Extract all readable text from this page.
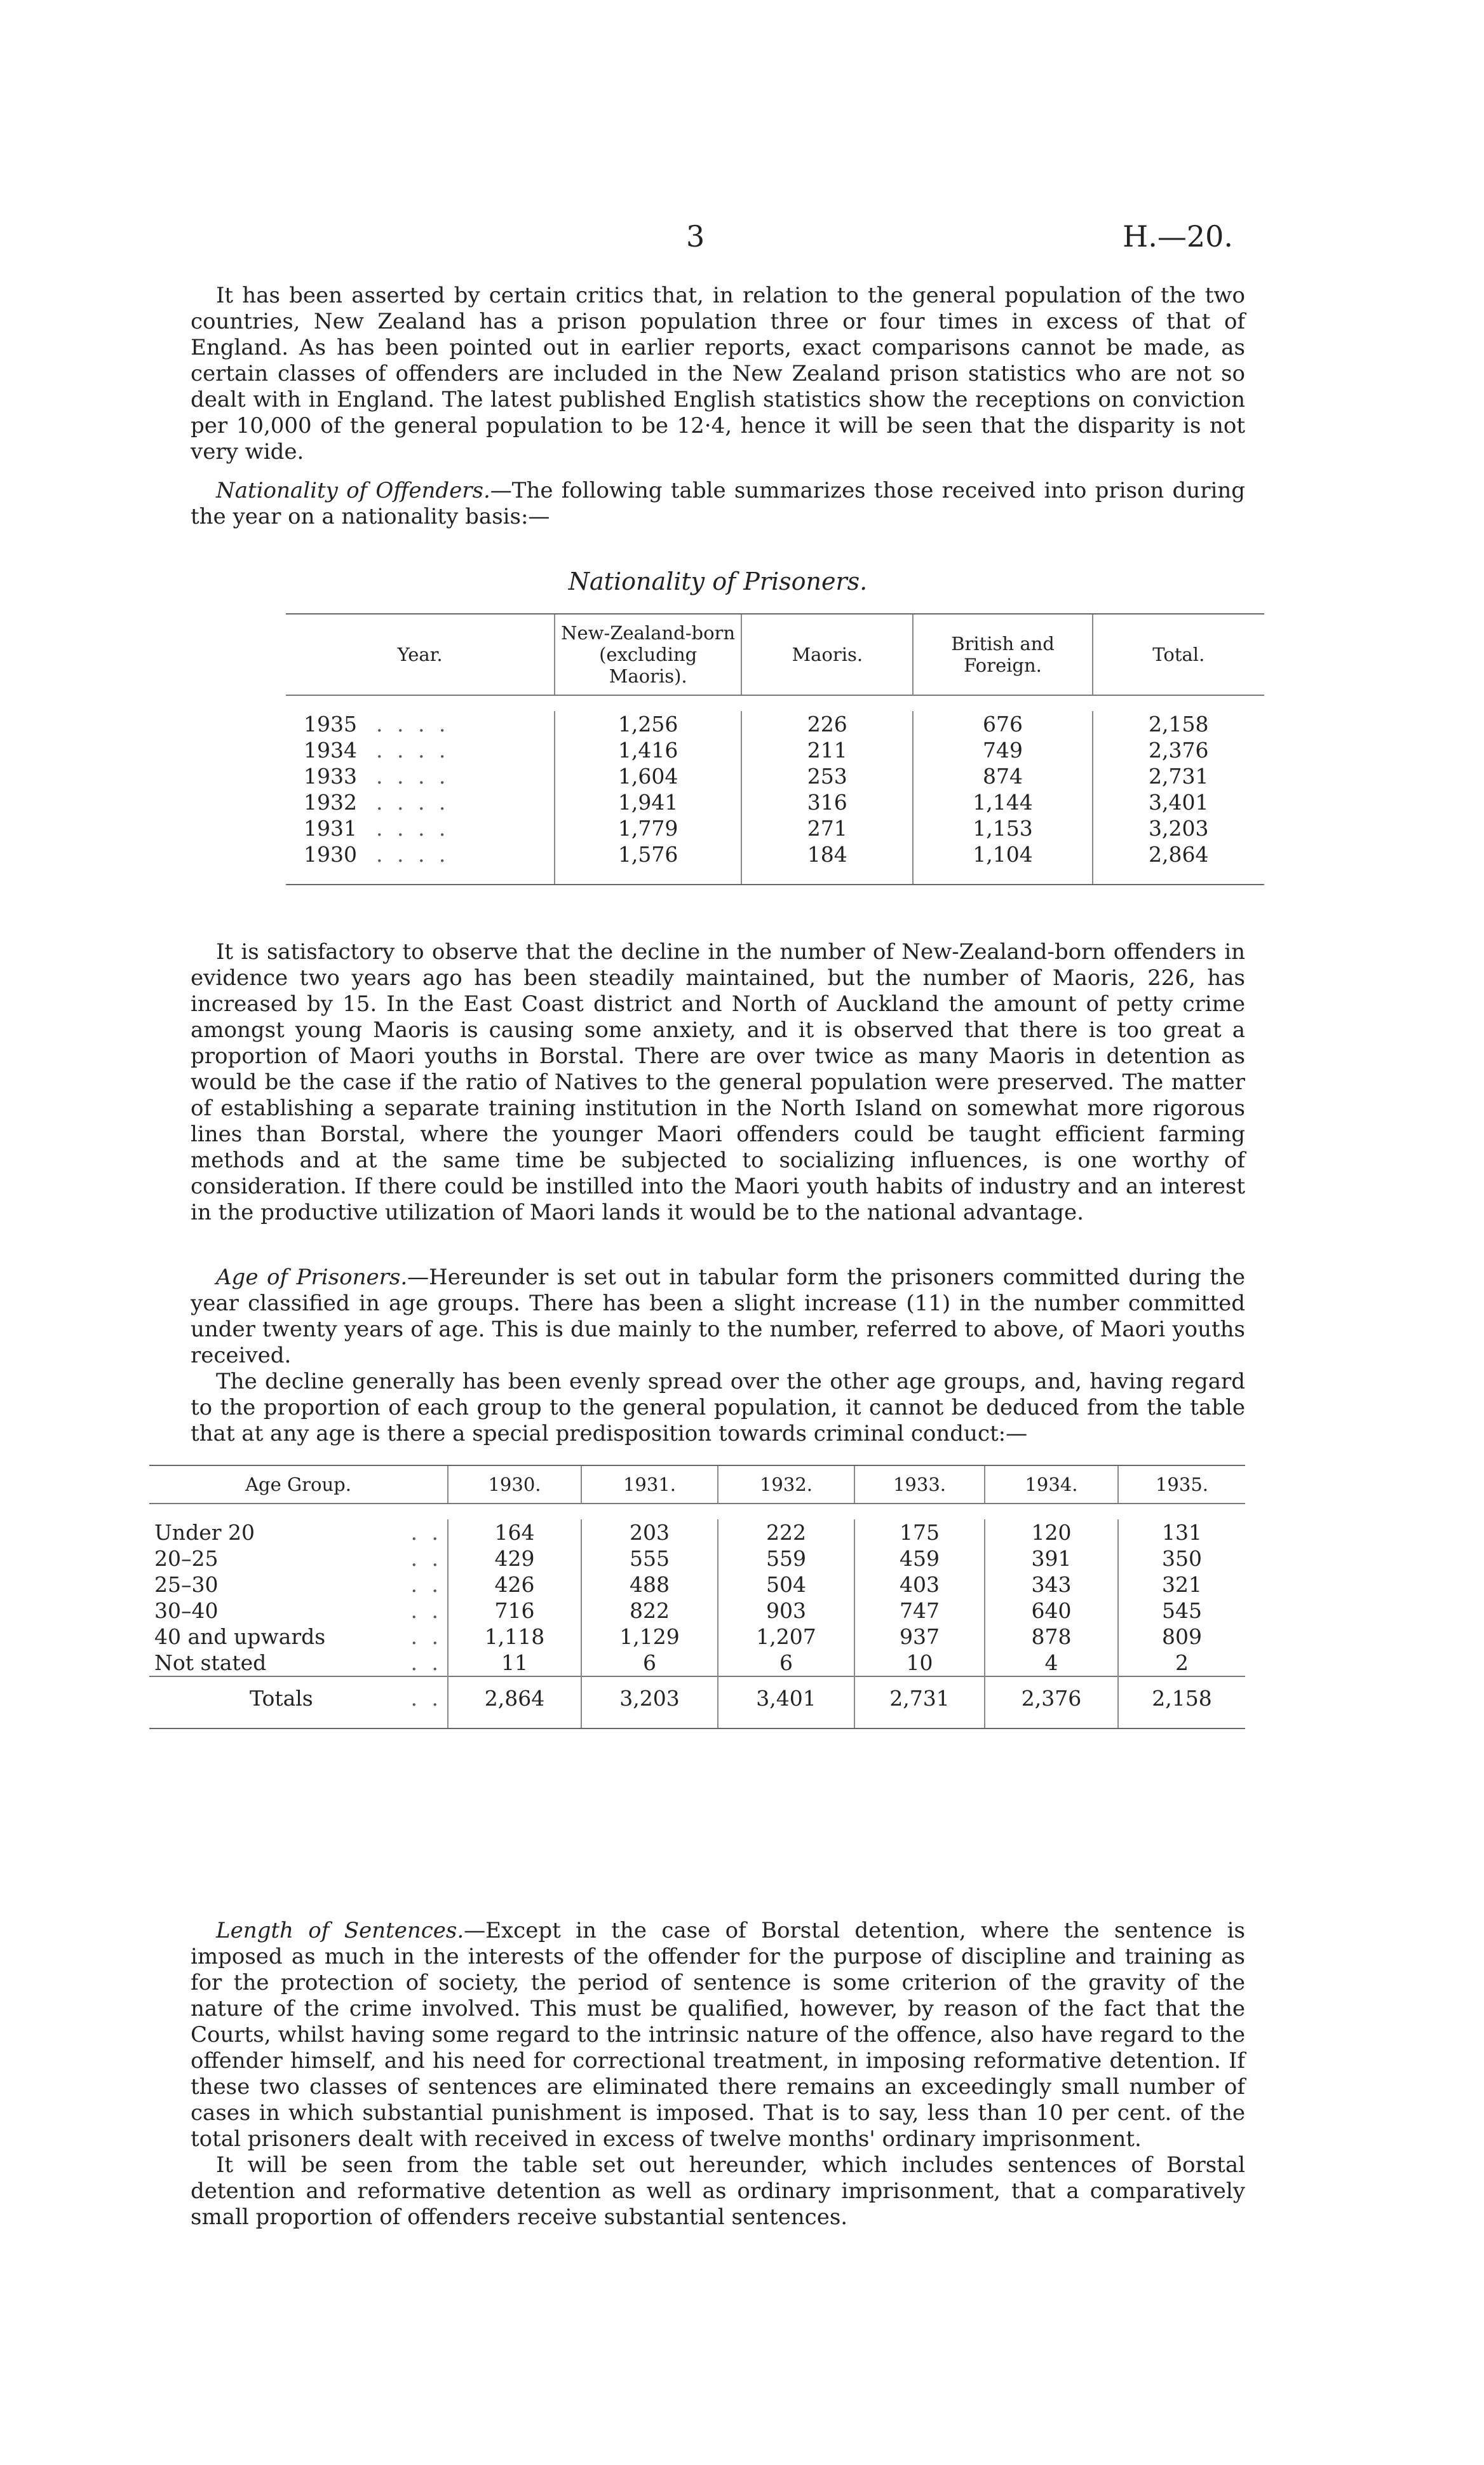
3	H.—20.

It has been asserted by certain critics that, in relation to the general population of the two countries, New Zealand has a prison population three or four times in excess of that of England. As has been pointed out in earlier reports, exact comparisons cannot be made, as certain classes of offenders are included in the New Zealand prison statistics who are not so dealt with in England. The latest published English statistics show the receptions on conviction per 10,000 of the general population to be 12·4, hence it will be seen that the disparity is not very wide.

Nationality of Offenders.—The following table summarizes those received into prison during the year on a nationality basis:—

Nationality of Prisoners.
Year.	New-Zealand-born (excluding Maoris).	Maoris.	British and Foreign.	Total.

1935 . . . .	1,256	226	676	2,158
1934 . . . .	1,416	211	749	2,376
1933 . . . .	1,604	253	874	2,731
1932 . . . .	1,941	316	1,144	3,401
1931 . . . .	1,779	271	1,153	3,203
1930 . . . .	1,576	184	1,104	2,864

It is satisfactory to observe that the decline in the number of New-Zealand-born offenders in evidence two years ago has been steadily maintained, but the number of Maoris, 226, has increased by 15. In the East Coast district and North of Auckland the amount of petty crime amongst young Maoris is causing some anxiety, and it is observed that there is too great a proportion of Maori youths in Borstal. There are over twice as many Maoris in detention as would be the case if the ratio of Natives to the general population were preserved. The matter of establishing a separate training institution in the North Island on somewhat more rigorous lines than Borstal, where the younger Maori offenders could be taught efficient farming methods and at the same time be subjected to socializing influences, is one worthy of consideration. If there could be instilled into the Maori youth habits of industry and an interest in the productive utilization of Maori lands it would be to the national advantage.

Age of Prisoners.—Hereunder is set out in tabular form the prisoners committed during the year classified in age groups. There has been a slight increase (11) in the number committed under twenty years of age. This is due mainly to the number, referred to above, of Maori youths received.

The decline generally has been evenly spread over the other age groups, and, having regard to the proportion of each group to the general population, it cannot be deduced from the table that at any age is there a special predisposition towards criminal conduct:—

Age Group.	1930.	1931.	1932.	1933.	1934.	1935.

Under 20 . .	164	203	222	175	120	131
20–25 . .	429	555	559	459	391	350
25–30 . .	426	488	504	403	343	321
30–40 . .	716	822	903	747	640	545
40 and upwards . .	1,118	1,129	1,207	937	878	809
Not stated . .	11	6	6	10	4	2
Totals . .	2,864	3,203	3,401	2,731	2,376	2,158

Length of Sentences.—Except in the case of Borstal detention, where the sentence is imposed as much in the interests of the offender for the purpose of discipline and training as for the protection of society, the period of sentence is some criterion of the gravity of the nature of the crime involved. This must be qualified, however, by reason of the fact that the Courts, whilst having some regard to the intrinsic nature of the offence, also have regard to the offender himself, and his need for correctional treatment, in imposing reformative detention. If these two classes of sentences are eliminated there remains an exceedingly small number of cases in which substantial punishment is imposed. That is to say, less than 10 per cent. of the total prisoners dealt with received in excess of twelve months' ordinary imprisonment.

It will be seen from the table set out hereunder, which includes sentences of Borstal detention and reformative detention as well as ordinary imprisonment, that a comparatively small proportion of offenders receive substantial sentences.
